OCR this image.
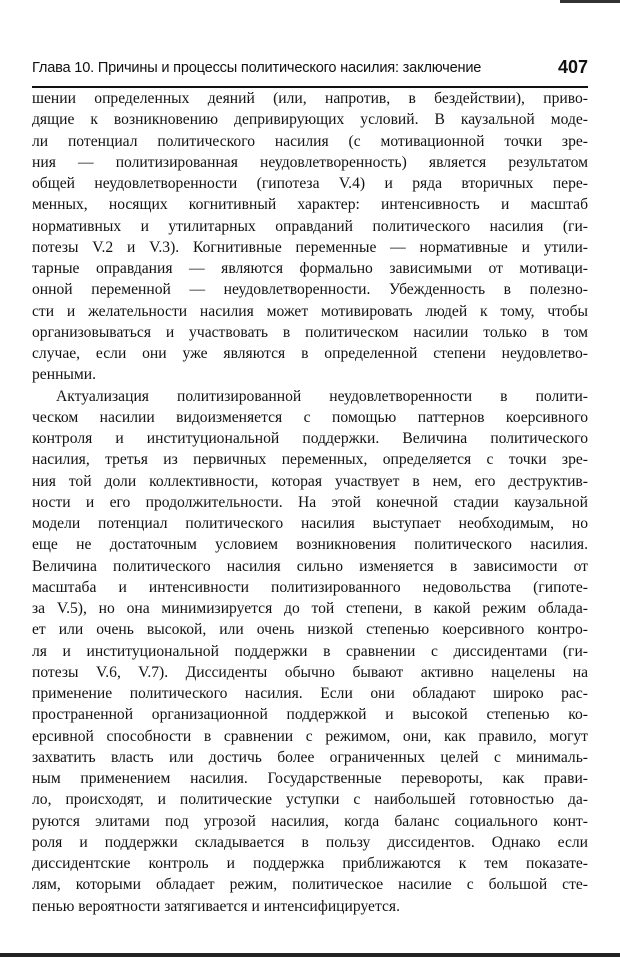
Глава 10. Причины и процессы политического насилия: заключение	407
шении определенных деяний (или, напротив, в бездействии), приво-
дящие к возникновению депривирующих условий. В каузальной моде-
ли потенциал политического насилия (с мотивационной точки зре-
ния — политизированная неудовлетворенность) является результатом
общей неудовлетворенности (гипотеза V.4) и ряда вторичных пере-
менных, носящих когнитивный характер: интенсивность и масштаб
нормативных и утилитарных оправданий политического насилия (ги-
потезы V.2 и V.3). Когнитивные переменные — нормативные и утили-
тарные оправдания — являются формально зависимыми от мотиваци-
онной переменной — неудовлетворенности. Убежденность в полезно-
сти и желательности насилия может мотивировать людей к тому, чтобы
организовываться и участвовать в политическом насилии только в том
случае, если они уже являются в определенной степени неудовлетво-
ренными.
Актуализация политизированной неудовлетворенности в полити-
ческом насилии видоизменяется с помощью паттернов коерсивного
контроля и институциональной поддержки. Величина политического
насилия, третья из первичных переменных, определяется с точки зре-
ния той доли коллективности, которая участвует в нем, его деструктив-
ности и его продолжительности. На этой конечной стадии каузальной
модели потенциал политического насилия выступает необходимым, но
еще не достаточным условием возникновения политического насилия.
Величина политического насилия сильно изменяется в зависимости от
масштаба и интенсивности политизированного недовольства (гипоте-
за V.5), но она минимизируется до той степени, в какой режим облада-
ет или очень высокой, или очень низкой степенью коерсивного контро-
ля и институциональной поддержки в сравнении с диссидентами (ги-
потезы V.6, V.7). Диссиденты обычно бывают активно нацелены на
применение политического насилия. Если они обладают широко рас-
пространенной организационной поддержкой и высокой степенью ко-
ерсивной способности в сравнении с режимом, они, как правило, могут
захватить власть или достичь более ограниченных целей с минималь-
ным применением насилия. Государственные перевороты, как прави-
ло, происходят, и политические уступки с наибольшей готовностью да-
руются элитами под угрозой насилия, когда баланс социального конт-
роля и поддержки складывается в пользу диссидентов. Однако если
диссидентские контроль и поддержка приближаются к тем показате-
лям, которыми обладает режим, политическое насилие с большой сте-
пенью вероятности затягивается и интенсифицируется.
